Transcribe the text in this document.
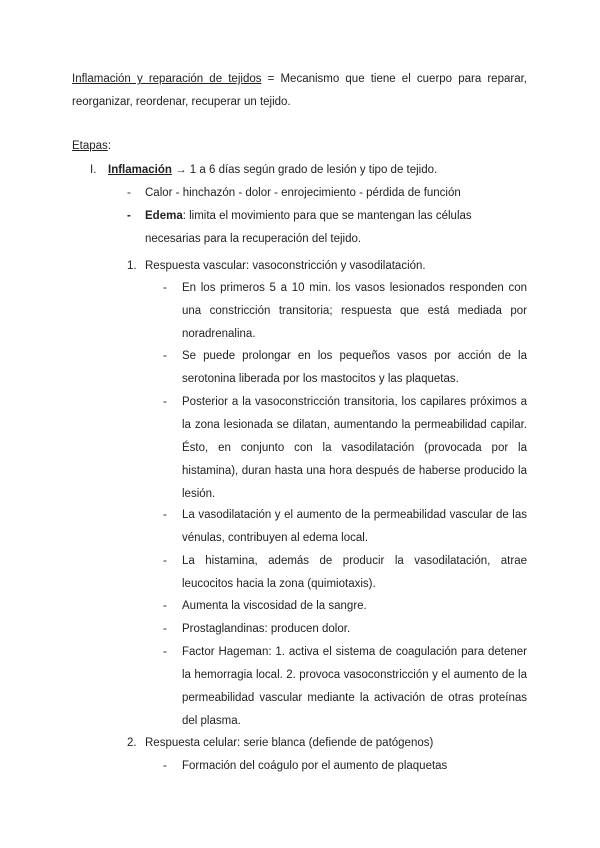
Inflamación y reparación de tejidos = Mecanismo que tiene el cuerpo para reparar,

reorganizar, reordenar, recuperar un tejido.

Etapas:
I.	Inflamación → 1 a 6 días según grado de lesión y tipo de tejido.
-	Calor - hinchazón - dolor - enrojecimiento - pérdida de función
-	Edema: limita el movimiento para que se mantengan las células necesarias para la recuperación del tejido.
1. Respuesta vascular: vasoconstricción y vasodilatación.
-	En los primeros 5 a 10 min. los vasos lesionados responden con una constricción transitoria; respuesta que está mediada por noradrenalina.
-	Se puede prolongar en los pequeños vasos por acción de la serotonina liberada por los mastocitos y las plaquetas.
-	Posterior a la vasoconstricción transitoria, los capilares próximos a la zona lesionada se dilatan, aumentando la permeabilidad capilar. Ésto, en conjunto con la vasodilatación (provocada por la histamina), duran hasta una hora después de haberse producido la lesión.
-	La vasodilatación y el aumento de la permeabilidad vascular de las vénulas, contribuyen al edema local.
-	La histamina, además de producir la vasodilatación, atrae leucocitos hacia la zona (quimiotaxis).
-	Aumenta la viscosidad de la sangre.
-	Prostaglandinas: producen dolor.
-	Factor Hageman: 1. activa el sistema de coagulación para detener la hemorragia local. 2. provoca vasoconstricción y el aumento de la permeabilidad vascular mediante la activación de otras proteínas del plasma.
2. Respuesta celular: serie blanca (defiende de patógenos)
-	Formación del coágulo por el aumento de plaquetas
